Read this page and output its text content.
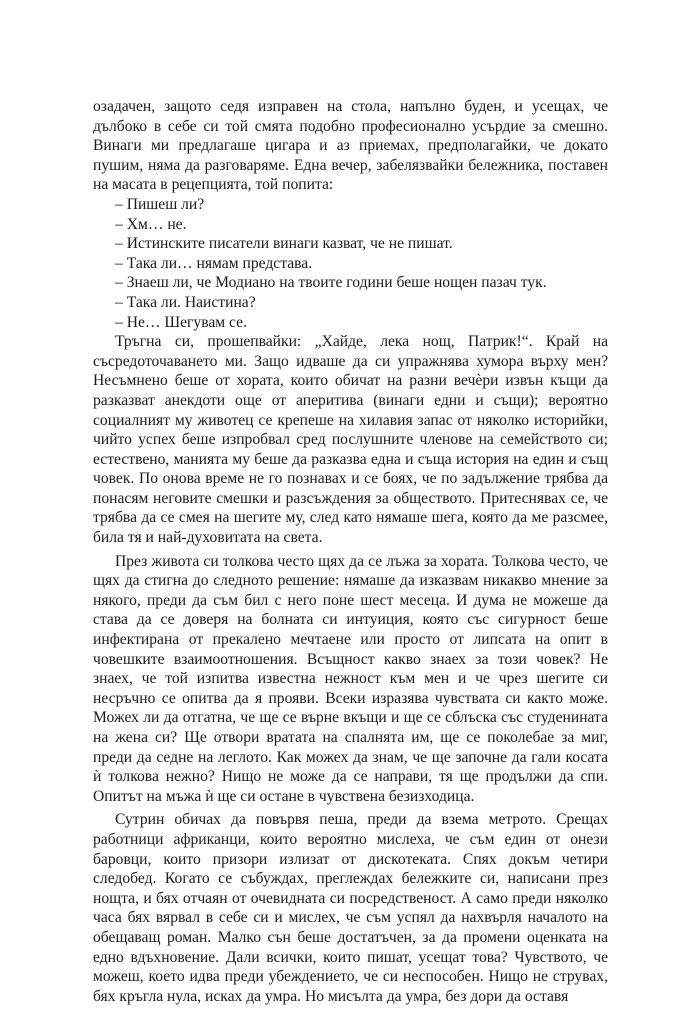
озадачен, защото седя изправен на стола, напълно буден, и усещах, че дълбоко в себе си той смята подобно професионално усърдие за смешно. Винаги ми предлагаше цигара и аз приемах, предполагайки, че докато пушим, няма да разговаряме. Една вечер, забелязвайки бележника, поставен на масата в рецепцията, той попита:

– Пишеш ли?

– Хм… не.

– Истинските писатели винаги казват, че не пишат.

– Така ли… нямам представа.

– Знаеш ли, че Модиано на твоите години беше нощен пазач тук.

– Така ли. Наистина?

– Не… Шегувам се.

Тръгна си, прошепвайки: „Хайде, лека нощ, Патрик!“. Край на съсредоточаването ми. Защо идваше да си упражнява хумора върху мен? Несъмнено беше от хората, които обичат на разни вечѐри извън къщи да разказват анекдоти още от аперитива (винаги едни и същи); вероятно социалният му животец се крепеше на хилавия запас от няколко историйки, чийто успех беше изпробвал сред послушните членове на семейството си; естествено, манията му беше да разказва една и съща история на един и същ човек. По онова време не го познавах и се боях, че по задължение трябва да понасям неговите смешки и разсъждения за обществото. Притеснявах се, че трябва да се смея на шегите му, след като нямаше шега, която да ме разсмее, била тя и най-духовитата на света.

През живота си толкова често щях да се лъжа за хората. Толкова често, че щях да стигна до следното решение: нямаше да изказвам никакво мнение за някого, преди да съм бил с него поне шест месеца. И дума не можеше да става да се доверя на болната си интуиция, която със сигурност беше инфектирана от прекалено мечтаене или просто от липсата на опит в човешките взаимоотношения. Всъщност какво знаех за този човек? Не знаех, че той изпитва известна нежност към мен и че чрез шегите си несръчно се опитва да я прояви. Всеки изразява чувствата си както може. Можех ли да отгатна, че ще се върне вкъщи и ще се сблъска със студенината на жена си? Ще отвори вратата на спалнята им, ще се поколебае за миг, преди да седне на леглото. Как можех да знам, че ще започне да гали косата ѝ толкова нежно? Нищо не може да се направи, тя ще продължи да спи. Опитът на мъжа ѝ ще си остане в чувствена безизходица.

Сутрин обичах да повървя пеша, преди да взема метрото. Срещах работници африканци, които вероятно мислеха, че съм един от онези баровци, които призори излизат от дискотеката. Спях докъм четири следобед. Когато се събуждах, преглеждах бележките си, написани през нощта, и бях отчаян от очевидната си посредственост. А само преди няколко часа бях вярвал в себе си и мислех, че съм успял да нахвърля началото на обещаващ роман. Малко сън беше достатъчен, за да промени оценката на едно вдъхновение. Дали всички, които пишат, усещат това? Чувството, че можеш, което идва преди убеждението, че си неспособен. Нищо не струвах, бях кръгла нула, исках да умра. Но мисълта да умра, без дори да оставя
